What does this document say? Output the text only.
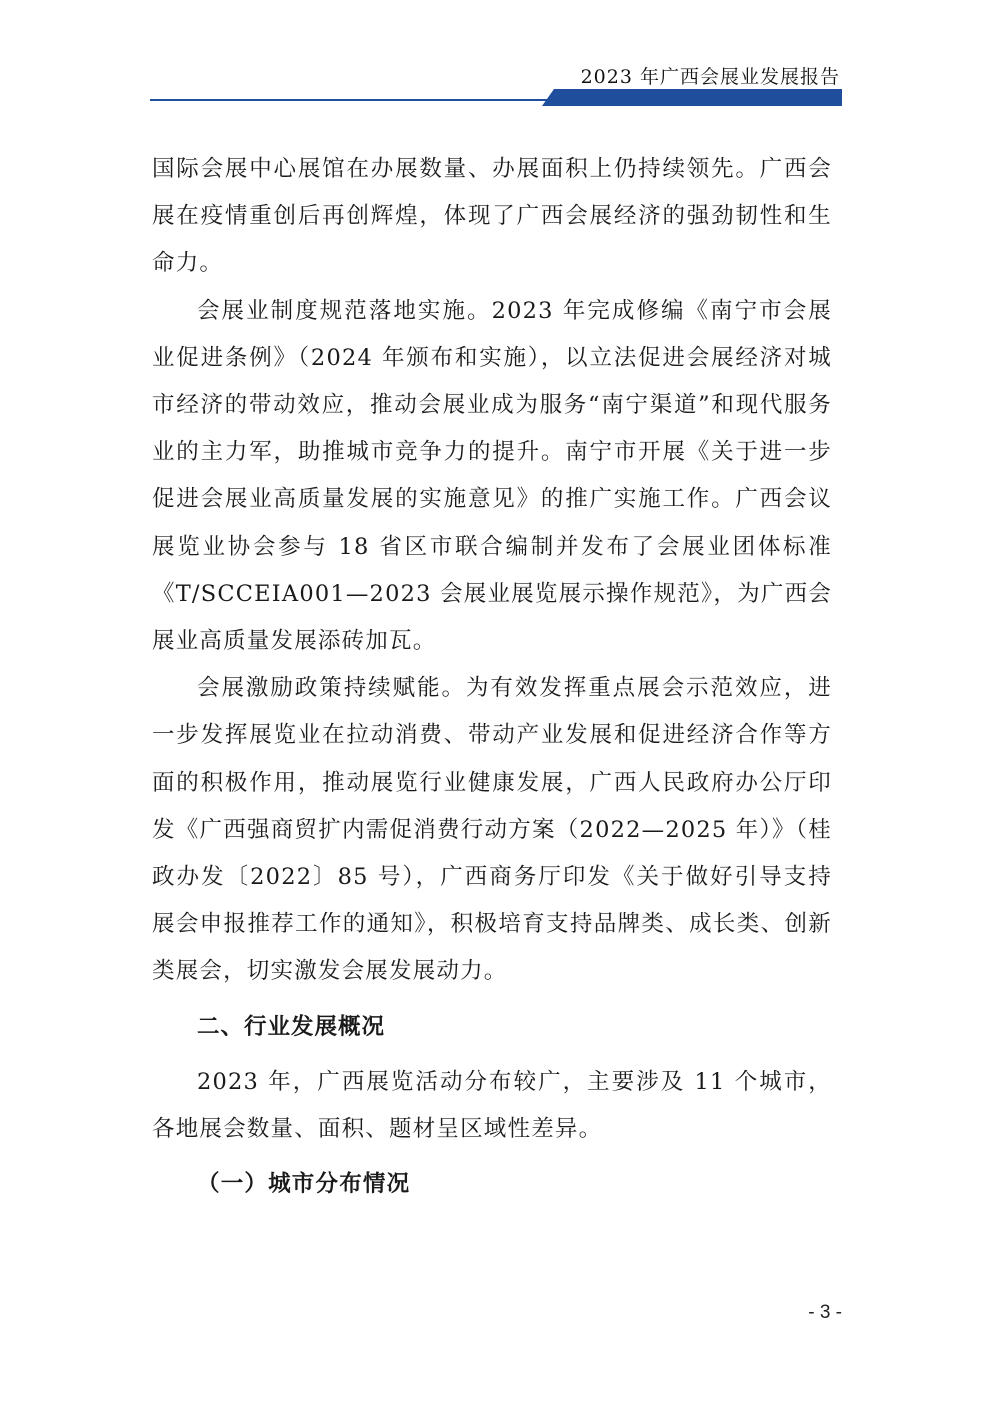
2023 年广西会展业发展报告

国际会展中心展馆在办展数量、办展面积上仍持续领先。广西会展在疫情重创后再创辉煌，体现了广西会展经济的强劲韧性和生命力。

会展业制度规范落地实施。2023 年完成修编《南宁市会展业促进条例》（2024 年颁布和实施），以立法促进会展经济对城市经济的带动效应，推动会展业成为服务“南宁渠道”和现代服务业的主力军，助推城市竞争力的提升。南宁市开展《关于进一步促进会展业高质量发展的实施意见》的推广实施工作。广西会议展览业协会参与 18 省区市联合编制并发布了会展业团体标准《T/SCCEIA001—2023 会展业展览展示操作规范》，为广西会展业高质量发展添砖加瓦。

会展激励政策持续赋能。为有效发挥重点展会示范效应，进一步发挥展览业在拉动消费、带动产业发展和促进经济合作等方面的积极作用，推动展览行业健康发展，广西人民政府办公厅印发《广西强商贸扩内需促消费行动方案（2022—2025 年）》（桂政办发〔2022〕85 号），广西商务厅印发《关于做好引导支持展会申报推荐工作的通知》，积极培育支持品牌类、成长类、创新类展会，切实激发会展发展动力。

二、行业发展概况

2023 年，广西展览活动分布较广，主要涉及 11 个城市，各地展会数量、面积、题材呈区域性差异。

（一）城市分布情况
- 3 -
